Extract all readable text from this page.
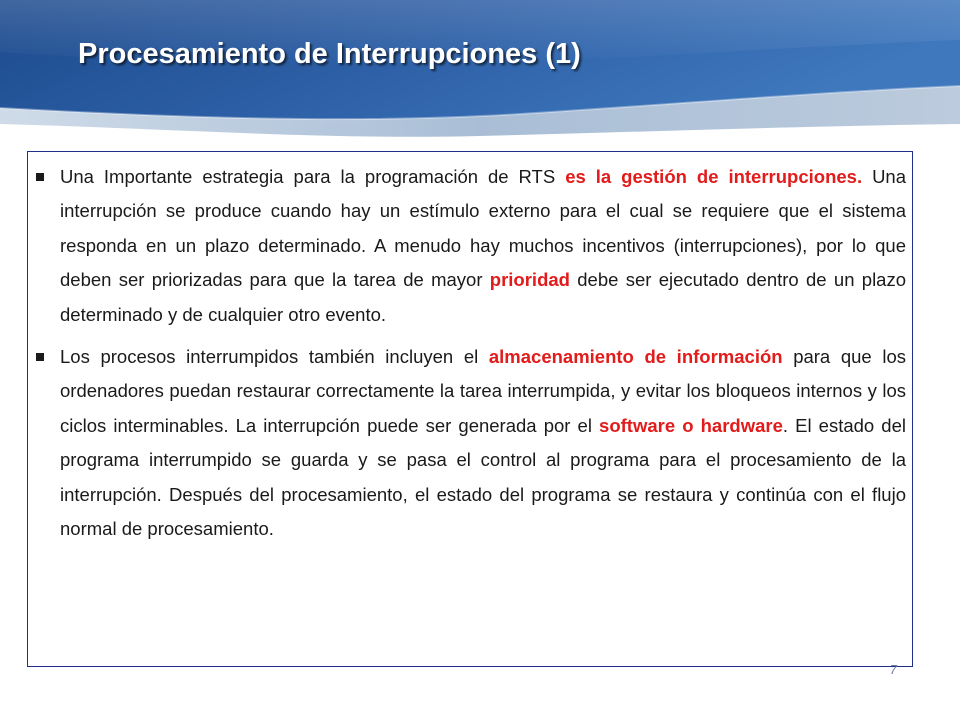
Procesamiento de Interrupciones (1)
Una Importante estrategia para la programación de RTS es la gestión de interrupciones. Una interrupción se produce cuando hay un estímulo externo para el cual se requiere que el sistema responda en un plazo determinado. A menudo hay muchos incentivos (interrupciones), por lo que deben ser priorizadas para que la tarea de mayor prioridad debe ser ejecutado dentro de un plazo determinado y de cualquier otro evento.
Los procesos interrumpidos también incluyen el almacenamiento de información para que los ordenadores puedan restaurar correctamente la tarea interrumpida, y evitar los bloqueos internos y los ciclos interminables. La interrupción puede ser generada por el software o hardware. El estado del programa interrumpido se guarda y se pasa el control al programa para el procesamiento de la interrupción. Después del procesamiento, el estado del programa se restaura y continúa con el flujo normal de procesamiento.
7
